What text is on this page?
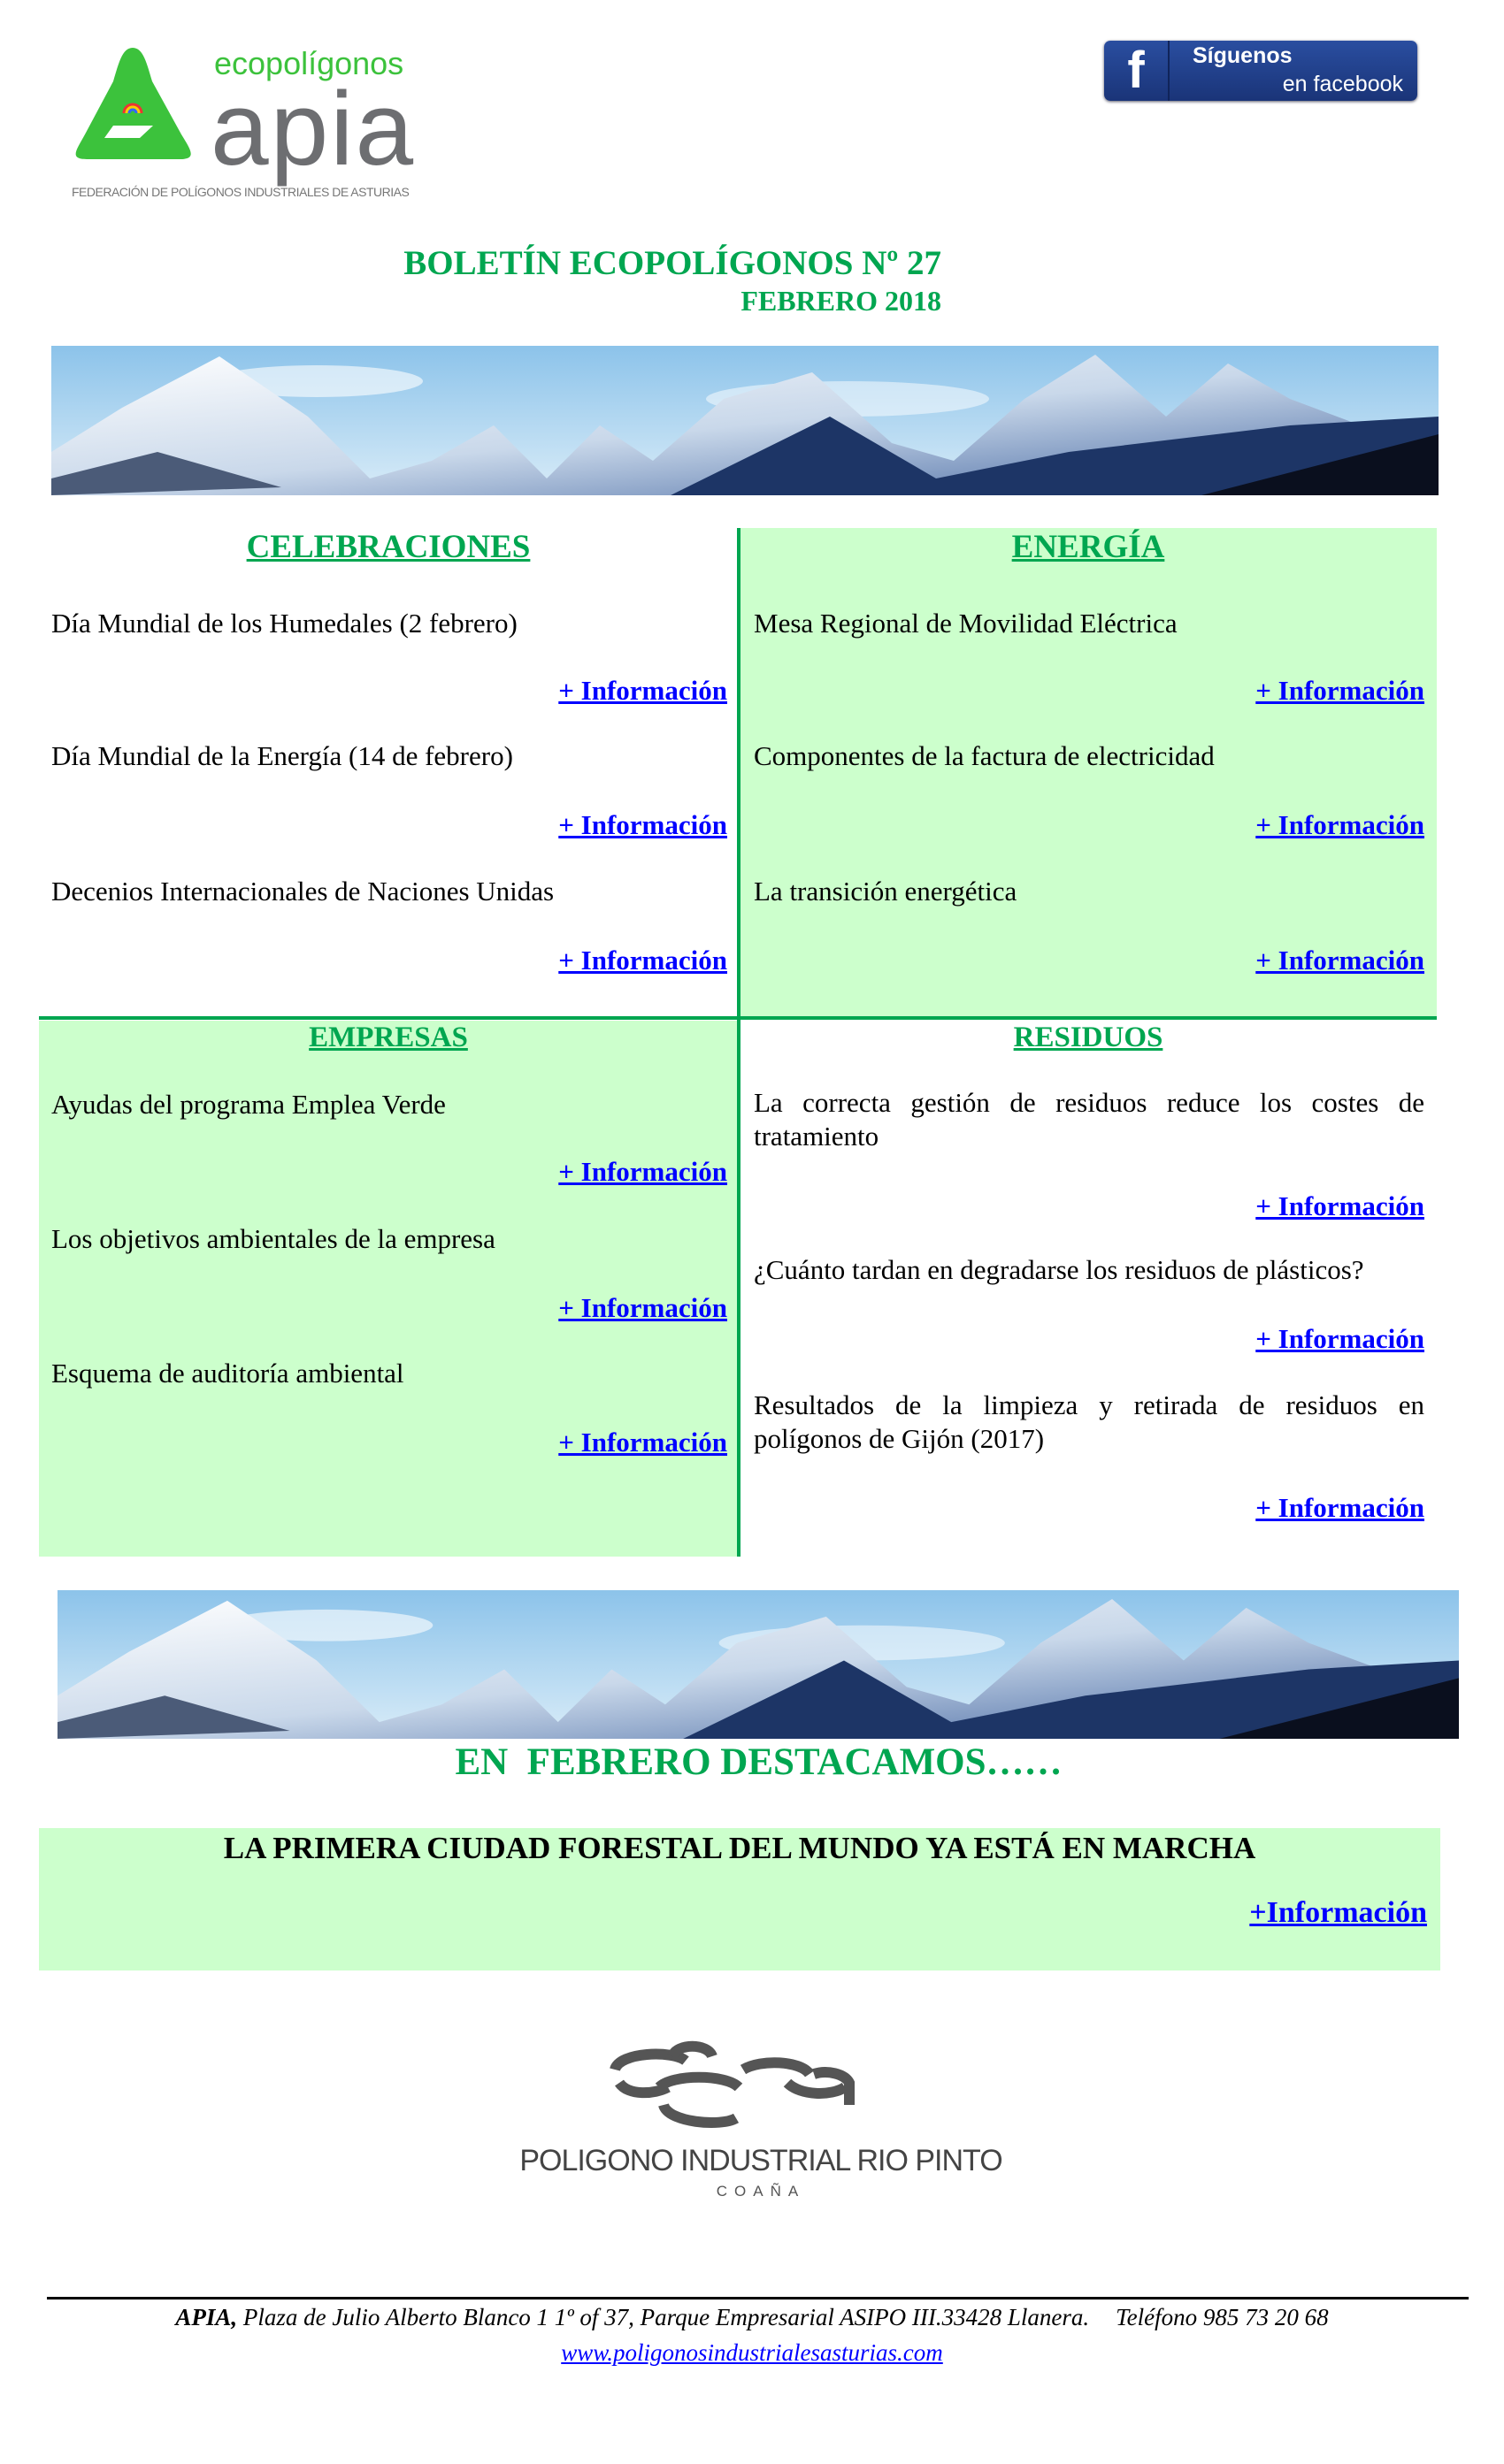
ecopolígonos
apia
FEDERACIÓN DE POLÍGONOS INDUSTRIALES DE ASTURIAS
f	Síguenos
en facebook
BOLETÍN ECOPOLÍGONOS Nº 27
FEBRERO 2018
CELEBRACIONES
Día Mundial de los Humedales (2 febrero)
+ Información
Día Mundial de la Energía (14 de febrero)
+ Información
Decenios Internacionales de Naciones Unidas
+ Información
ENERGÍA
Mesa Regional de Movilidad Eléctrica
+ Información
Componentes de la factura de electricidad
+ Información
La transición energética
+ Información
EMPRESAS
Ayudas del programa Emplea Verde
+ Información
Los objetivos ambientales de la empresa
+ Información
Esquema de auditoría ambiental
+ Información
RESIDUOS
La correcta gestión de residuos reduce los costes de tratamiento
+ Información
¿Cuánto tardan en degradarse los residuos de plásticos?
+ Información
Resultados de la limpieza y retirada de residuos en polígonos de Gijón (2017)
+ Información
EN  FEBRERO DESTACAMOS……
LA PRIMERA CIUDAD FORESTAL DEL MUNDO YA ESTÁ EN MARCHA
+Información
POLIGONO INDUSTRIAL RIO PINTO
COAÑA
APIA, Plaza de Julio Alberto Blanco 1 1º of 37, Parque Empresarial ASIPO III.33428 Llanera. Teléfono 985 73 20 68
www.poligonosindustrialesasturias.com
